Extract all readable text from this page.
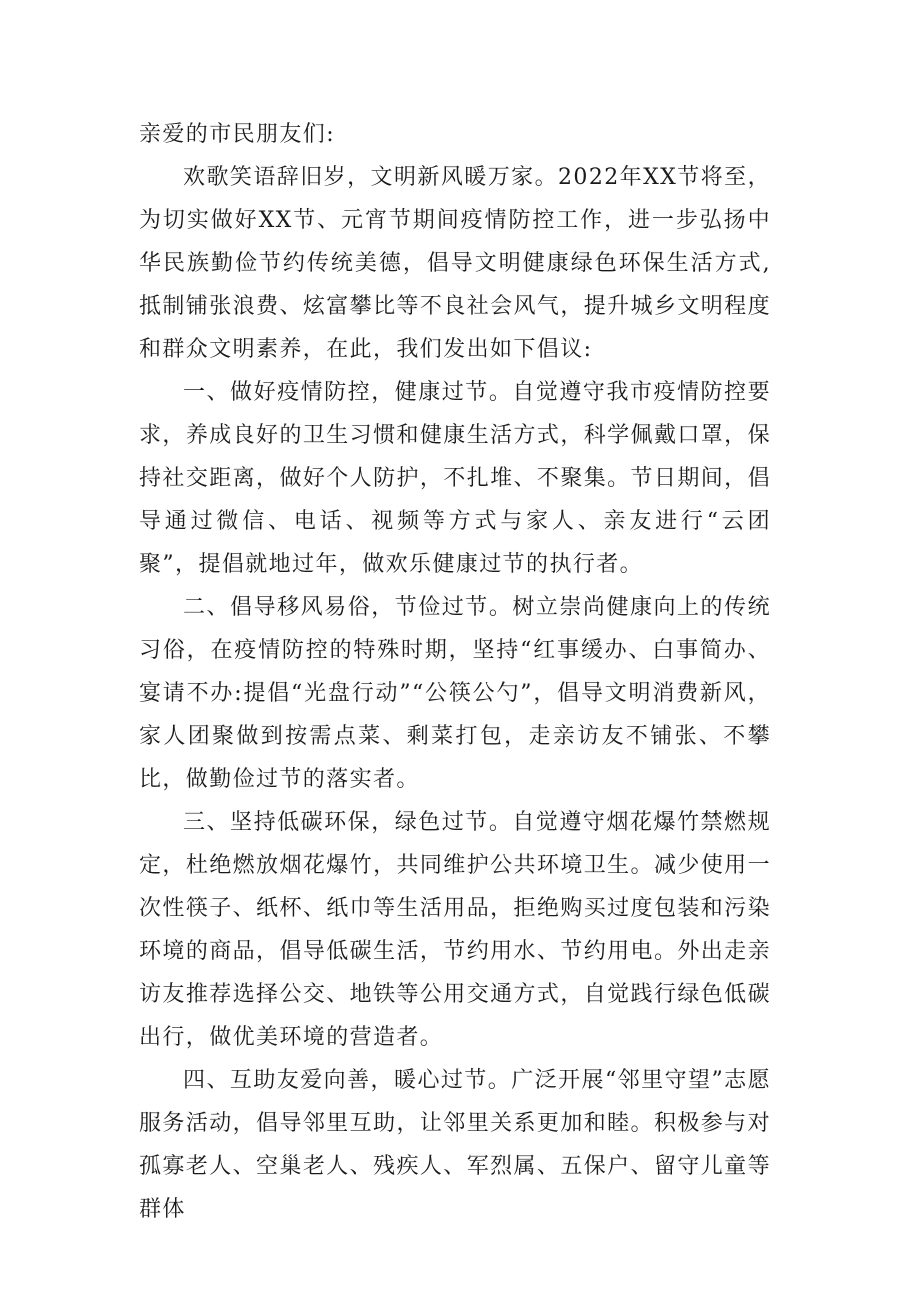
亲爱的市民朋友们:

欢歌笑语辞旧岁，文明新风暖万家。2022年XX节将至，为切实做好XX节、元宵节期间疫情防控工作，进一步弘扬中华民族勤俭节约传统美德，倡导文明健康绿色环保生活方式,抵制铺张浪费、炫富攀比等不良社会风气，提升城乡文明程度和群众文明素养，在此，我们发出如下倡议:

一、做好疫情防控，健康过节。自觉遵守我市疫情防控要求，养成良好的卫生习惯和健康生活方式，科学佩戴口罩，保持社交距离，做好个人防护，不扎堆、不聚集。节日期间，倡导通过微信、电话、视频等方式与家人、亲友进行“云团聚”，提倡就地过年，做欢乐健康过节的执行者。

二、倡导移风易俗，节俭过节。树立崇尚健康向上的传统习俗，在疫情防控的特殊时期，坚持“红事缓办、白事简办、宴请不办:提倡“光盘行动”“公筷公勺”，倡导文明消费新风，家人团聚做到按需点菜、剩菜打包，走亲访友不铺张、不攀比，做勤俭过节的落实者。

三、坚持低碳环保，绿色过节。自觉遵守烟花爆竹禁燃规定，杜绝燃放烟花爆竹，共同维护公共环境卫生。减少使用一次性筷子、纸杯、纸巾等生活用品，拒绝购买过度包装和污染环境的商品，倡导低碳生活，节约用水、节约用电。外出走亲访友推荐选择公交、地铁等公用交通方式，自觉践行绿色低碳出行，做优美环境的营造者。

四、互助友爱向善，暖心过节。广泛开展“邻里守望”志愿服务活动，倡导邻里互助，让邻里关系更加和睦。积极参与对孤寡老人、空巢老人、残疾人、军烈属、五保户、留守儿童等群体
